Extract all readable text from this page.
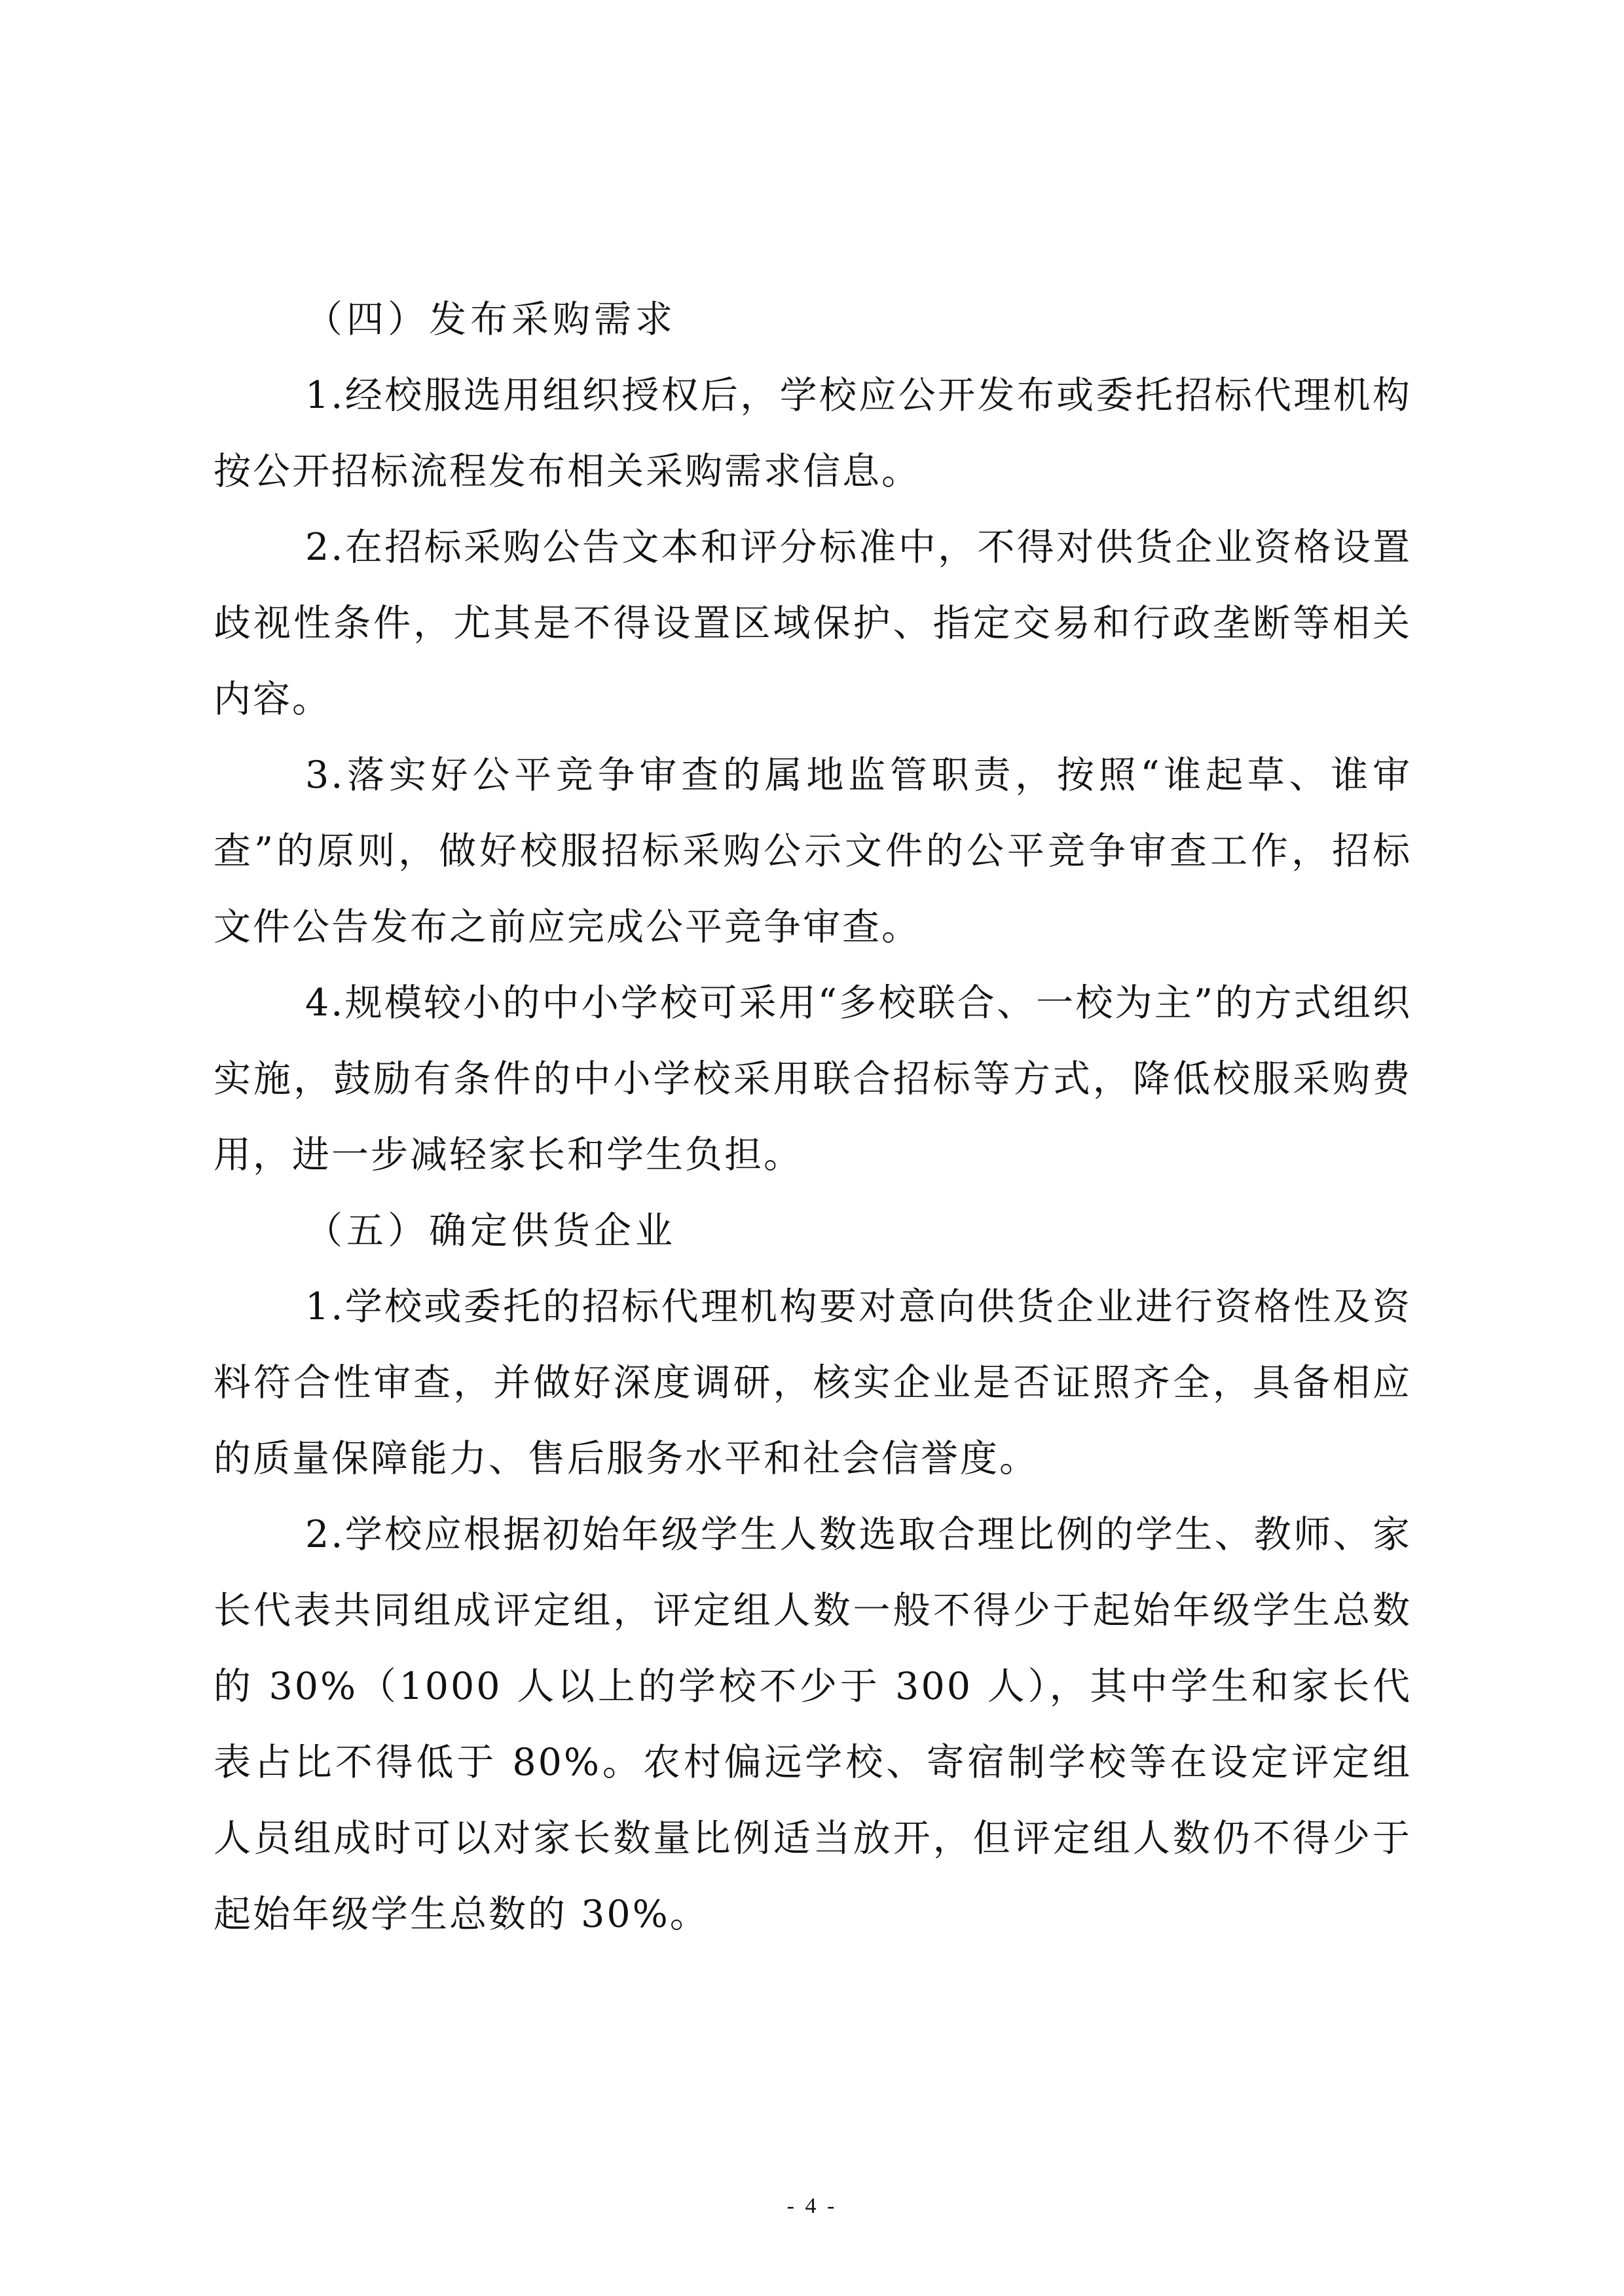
（四）发布采购需求

1.经校服选用组织授权后，学校应公开发布或委托招标代理机构按公开招标流程发布相关采购需求信息。

2.在招标采购公告文本和评分标准中，不得对供货企业资格设置歧视性条件，尤其是不得设置区域保护、指定交易和行政垄断等相关内容。

3.落实好公平竞争审查的属地监管职责，按照“谁起草、谁审查”的原则，做好校服招标采购公示文件的公平竞争审查工作，招标文件公告发布之前应完成公平竞争审查。

4.规模较小的中小学校可采用“多校联合、一校为主”的方式组织实施，鼓励有条件的中小学校采用联合招标等方式，降低校服采购费用，进一步减轻家长和学生负担。

（五）确定供货企业

1.学校或委托的招标代理机构要对意向供货企业进行资格性及资料符合性审查，并做好深度调研，核实企业是否证照齐全，具备相应的质量保障能力、售后服务水平和社会信誉度。

2.学校应根据初始年级学生人数选取合理比例的学生、教师、家长代表共同组成评定组，评定组人数一般不得少于起始年级学生总数的 30%（1000 人以上的学校不少于 300 人），其中学生和家长代表占比不得低于 80%。农村偏远学校、寄宿制学校等在设定评定组人员组成时可以对家长数量比例适当放开，但评定组人数仍不得少于起始年级学生总数的 30%。

- 4 -
